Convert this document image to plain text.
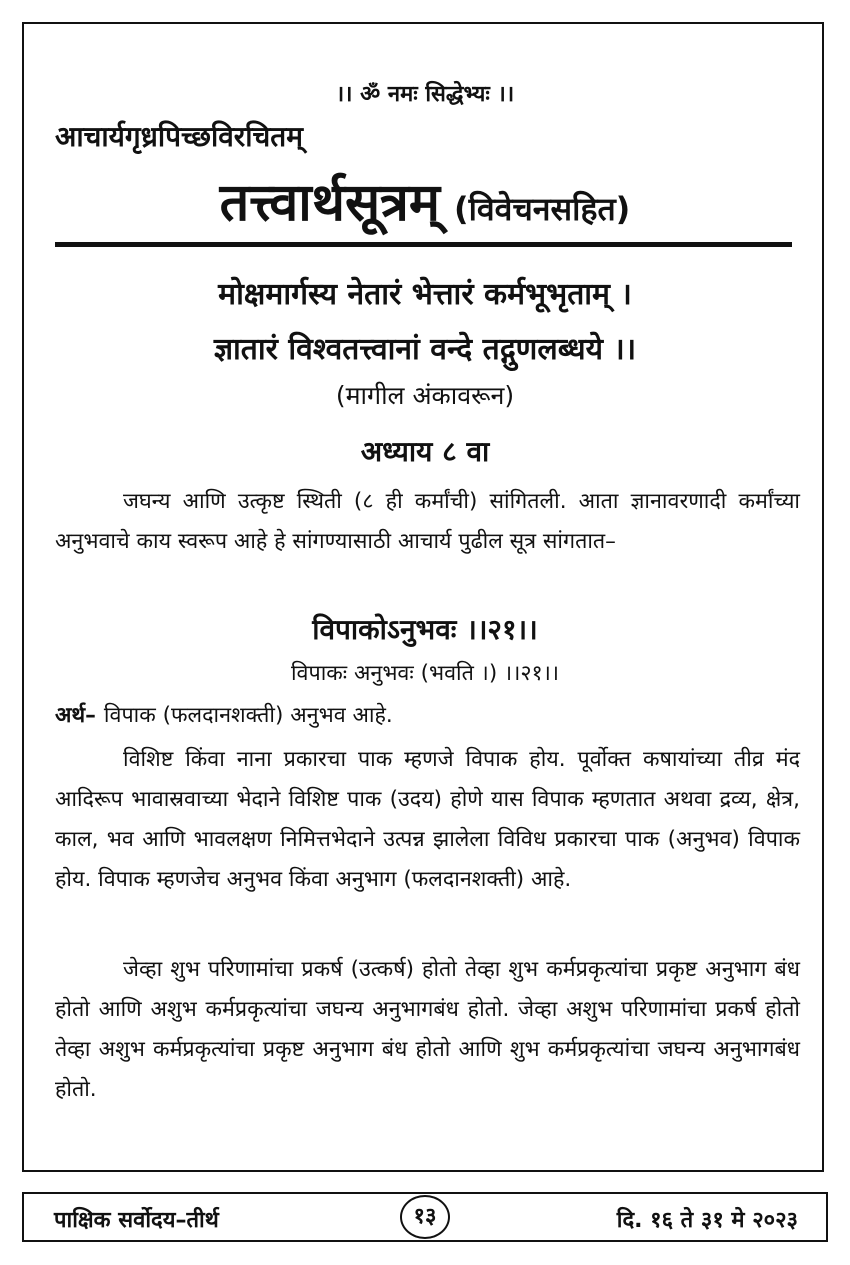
।। ॐ नमः सिद्धेभ्यः ।।
आचार्यगृध्रपिच्छविरचितम्
तत्त्वार्थसूत्रम् (विवेचनसहित)
मोक्षमार्गस्य नेतारं भेत्तारं कर्मभूभृताम् ।
ज्ञातारं विश्वतत्त्वानां वन्दे तद्गुणलब्धये ।।
(मागील अंकावरून)
अध्याय ८ वा

जघन्य आणि उत्कृष्ट स्थिती (८ ही कर्मांची) सांगितली. आता ज्ञानावरणादी कर्मांच्या अनुभवाचे काय स्वरूप आहे हे सांगण्यासाठी आचार्य पुढील सूत्र सांगतात–

विपाकोऽनुभवः ।।२१।।
विपाकः अनुभवः (भवति ।) ।।२१।।
अर्थ– विपाक (फलदानशक्ती) अनुभव आहे.

विशिष्ट किंवा नाना प्रकारचा पाक म्हणजे विपाक होय. पूर्वोक्त कषायांच्या तीव्र मंद आदिरूप भावास्रवाच्या भेदाने विशिष्ट पाक (उदय) होणे यास विपाक म्हणतात अथवा द्रव्य, क्षेत्र, काल, भव आणि भावलक्षण निमित्तभेदाने उत्पन्न झालेला विविध प्रकारचा पाक (अनुभव) विपाक होय. विपाक म्हणजेच अनुभव किंवा अनुभाग (फलदानशक्ती) आहे.

जेव्हा शुभ परिणामांचा प्रकर्ष (उत्कर्ष) होतो तेव्हा शुभ कर्मप्रकृत्यांचा प्रकृष्ट अनुभाग बंध होतो आणि अशुभ कर्मप्रकृत्यांचा जघन्य अनुभागबंध होतो. जेव्हा अशुभ परिणामांचा प्रकर्ष होतो तेव्हा अशुभ कर्मप्रकृत्यांचा प्रकृष्ट अनुभाग बंध होतो आणि शुभ कर्मप्रकृत्यांचा जघन्य अनुभागबंध होतो.

पाक्षिक सर्वोदय–तीर्थ	१३	दि. १६ ते ३१ मे २०२३
